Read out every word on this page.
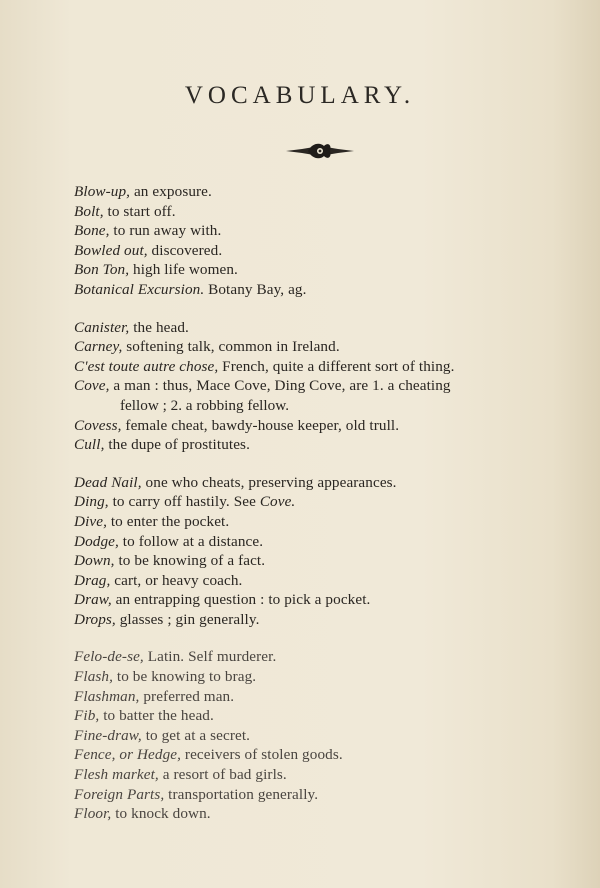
VOCABULARY.
Blow-up, an exposure.
Bolt, to start off.
Bone, to run away with.
Bowled out, discovered.
Bon Ton, high life women.
Botanical Excursion. Botany Bay, ag.
Canister, the head.
Carney, softening talk, common in Ireland.
C'est toute autre chose, French, quite a different sort of thing.
Cove, a man : thus, Mace Cove, Ding Cove, are 1. a cheating
fellow ; 2. a robbing fellow.
Covess, female cheat, bawdy-house keeper, old trull.
Cull, the dupe of prostitutes.
Dead Nail, one who cheats, preserving appearances.
Ding, to carry off hastily. See Cove.
Dive, to enter the pocket.
Dodge, to follow at a distance.
Down, to be knowing of a fact.
Drag, cart, or heavy coach.
Draw, an entrapping question : to pick a pocket.
Drops, glasses ; gin generally.
Felo-de-se, Latin. Self murderer.
Flash, to be knowing to brag.
Flashman, preferred man.
Fib, to batter the head.
Fine-draw, to get at a secret.
Fence, or Hedge, receivers of stolen goods.
Flesh market, a resort of bad girls.
Foreign Parts, transportation generally.
Floor, to knock down.
